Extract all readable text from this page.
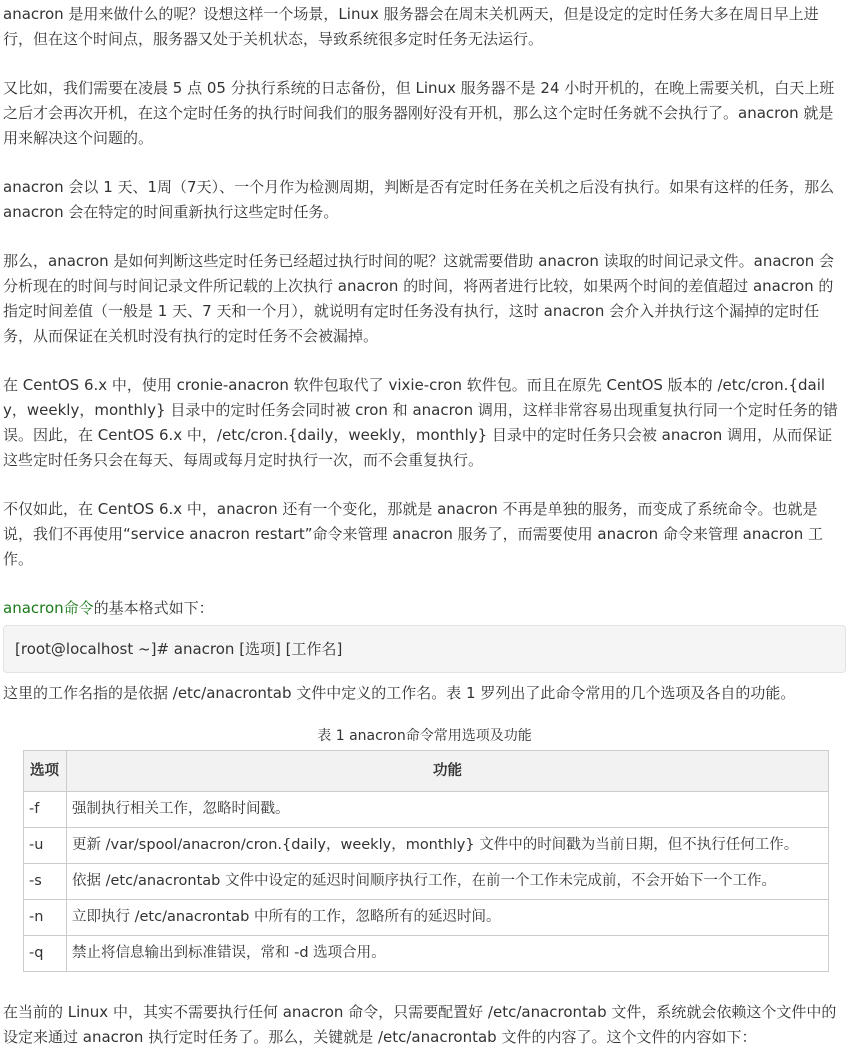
anacron 是用来做什么的呢？设想这样一个场景，Linux 服务器会在周末关机两天，但是设定的定时任务大多在周日早上进行，但在这个时间点，服务器又处于关机状态，导致系统很多定时任务无法运行。

又比如，我们需要在凌晨 5 点 05 分执行系统的日志备份，但 Linux 服务器不是 24 小时开机的，在晚上需要关机，白天上班之后才会再次开机，在这个定时任务的执行时间我们的服务器刚好没有开机，那么这个定时任务就不会执行了。anacron 就是用来解决这个问题的。

anacron 会以 1 天、1周（7天）、一个月作为检测周期，判断是否有定时任务在关机之后没有执行。如果有这样的任务，那么 anacron 会在特定的时间重新执行这些定时任务。

那么，anacron 是如何判断这些定时任务已经超过执行时间的呢？这就需要借助 anacron 读取的时间记录文件。anacron 会分析现在的时间与时间记录文件所记载的上次执行 anacron 的时间，将两者进行比较，如果两个时间的差值超过 anacron 的指定时间差值（一般是 1 天、7 天和一个月），就说明有定时任务没有执行，这时 anacron 会介入并执行这个漏掉的定时任务，从而保证在关机时没有执行的定时任务不会被漏掉。

在 CentOS 6.x 中，使用 cronie-anacron 软件包取代了 vixie-cron 软件包。而且在原先 CentOS 版本的 /etc/cron.{daily，weekly，monthly} 目录中的定时任务会同时被 cron 和 anacron 调用，这样非常容易出现重复执行同一个定时任务的错误。因此，在 CentOS 6.x 中，/etc/cron.{daily，weekly，monthly} 目录中的定时任务只会被 anacron 调用，从而保证这些定时任务只会在每天、每周或每月定时执行一次，而不会重复执行。

不仅如此，在 CentOS 6.x 中，anacron 还有一个变化，那就是 anacron 不再是单独的服务，而变成了系统命令。也就是说，我们不再使用“service anacron restart”命令来管理 anacron 服务了，而需要使用 anacron 命令来管理 anacron 工作。

anacron命令的基本格式如下：

[root@localhost ~]# anacron [选项] [工作名]

这里的工作名指的是依据 /etc/anacrontab 文件中定义的工作名。表 1 罗列出了此命令常用的几个选项及各自的功能。

表 1 anacron命令常用选项及功能
选项	功能
-f	强制执行相关工作，忽略时间戳。
-u	更新 /var/spool/anacron/cron.{daily，weekly，monthly} 文件中的时间戳为当前日期，但不执行任何工作。
-s	依据 /etc/anacrontab 文件中设定的延迟时间顺序执行工作，在前一个工作未完成前，不会开始下一个工作。
-n	立即执行 /etc/anacrontab 中所有的工作，忽略所有的延迟时间。
-q	禁止将信息输出到标准错误，常和 -d 选项合用。

在当前的 Linux 中，其实不需要执行任何 anacron 命令，只需要配置好 /etc/anacrontab 文件，系统就会依赖这个文件中的设定来通过 anacron 执行定时任务了。那么，关键就是 /etc/anacrontab 文件的内容了。这个文件的内容如下：
